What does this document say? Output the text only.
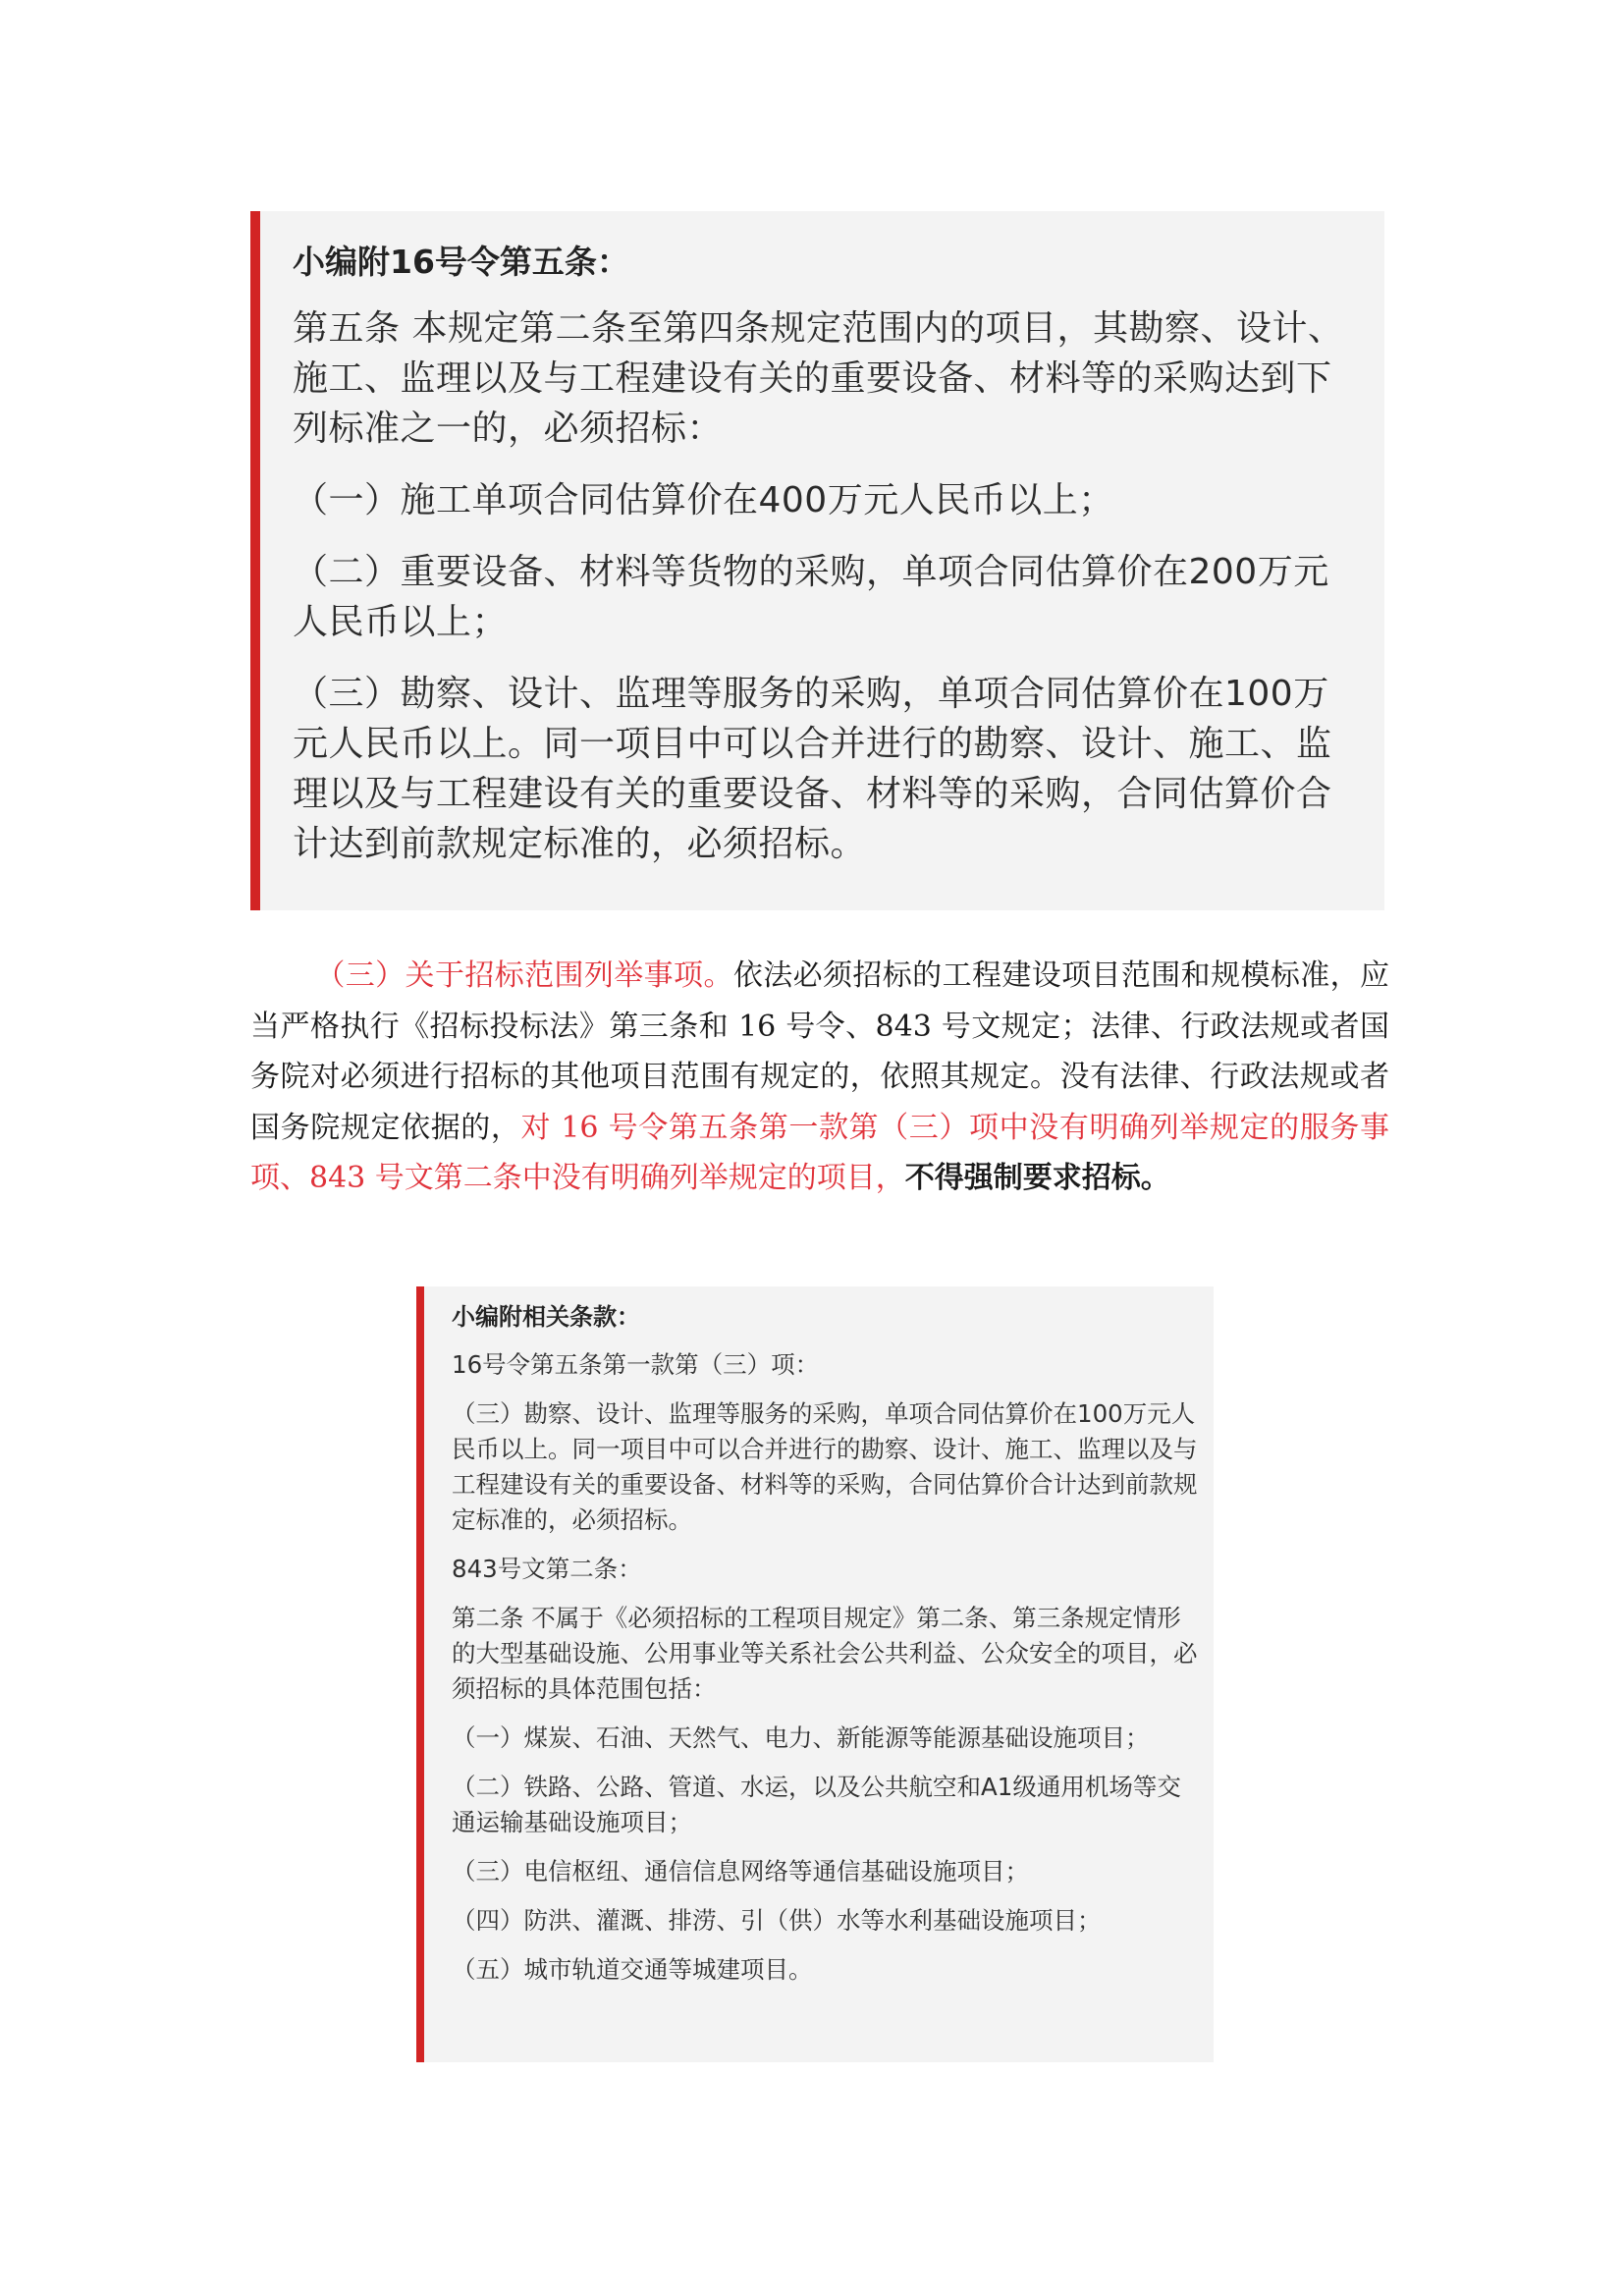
小编附16号令第五条：
第五条 本规定第二条至第四条规定范围内的项目，其勘察、设计、施工、监理以及与工程建设有关的重要设备、材料等的采购达到下列标准之一的，必须招标：
（一）施工单项合同估算价在400万元人民币以上；
（二）重要设备、材料等货物的采购，单项合同估算价在200万元人民币以上；
（三）勘察、设计、监理等服务的采购，单项合同估算价在100万元人民币以上。同一项目中可以合并进行的勘察、设计、施工、监理以及与工程建设有关的重要设备、材料等的采购，合同估算价合计达到前款规定标准的，必须招标。
（三）关于招标范围列举事项。依法必须招标的工程建设项目范围和规模标准，应当严格执行《招标投标法》第三条和 16 号令、843 号文规定；法律、行政法规或者国务院对必须进行招标的其他项目范围有规定的，依照其规定。没有法律、行政法规或者国务院规定依据的，对 16 号令第五条第一款第（三）项中没有明确列举规定的服务事项、843 号文第二条中没有明确列举规定的项目，不得强制要求招标。
小编附相关条款：
16号令第五条第一款第（三）项：
（三）勘察、设计、监理等服务的采购，单项合同估算价在100万元人民币以上。同一项目中可以合并进行的勘察、设计、施工、监理以及与工程建设有关的重要设备、材料等的采购，合同估算价合计达到前款规定标准的，必须招标。
843号文第二条：
第二条 不属于《必须招标的工程项目规定》第二条、第三条规定情形的大型基础设施、公用事业等关系社会公共利益、公众安全的项目，必须招标的具体范围包括：
（一）煤炭、石油、天然气、电力、新能源等能源基础设施项目；
（二）铁路、公路、管道、水运，以及公共航空和A1级通用机场等交通运输基础设施项目；
（三）电信枢纽、通信信息网络等通信基础设施项目；
（四）防洪、灌溉、排涝、引（供）水等水利基础设施项目；
（五）城市轨道交通等城建项目。
